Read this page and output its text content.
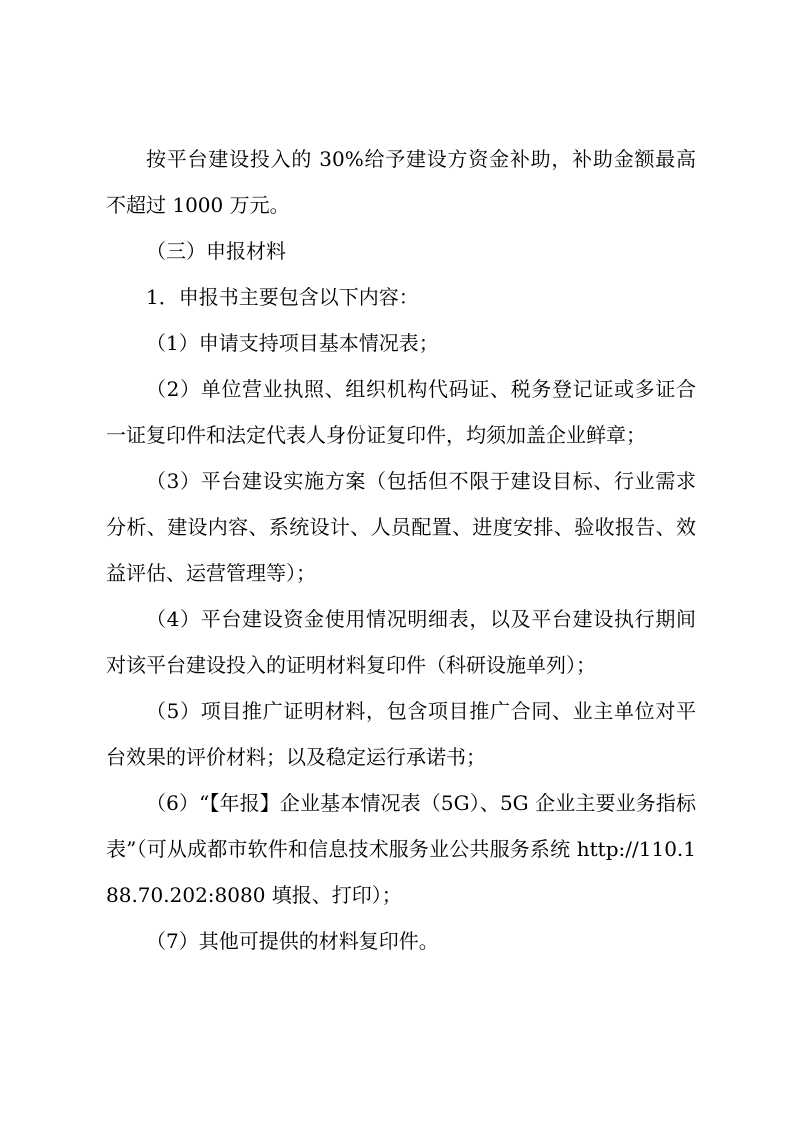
按平台建设投入的 30%给予建设方资金补助，补助金额最高不超过 1000 万元。

（三）申报材料

1．申报书主要包含以下内容：

（1）申请支持项目基本情况表；

（2）单位营业执照、组织机构代码证、税务登记证或多证合一证复印件和法定代表人身份证复印件，均须加盖企业鲜章；

（3）平台建设实施方案（包括但不限于建设目标、行业需求分析、建设内容、系统设计、人员配置、进度安排、验收报告、效益评估、运营管理等）；

（4）平台建设资金使用情况明细表，以及平台建设执行期间对该平台建设投入的证明材料复印件（科研设施单列）；

（5）项目推广证明材料，包含项目推广合同、业主单位对平台效果的评价材料；以及稳定运行承诺书；

（6）“【年报】企业基本情况表（5G）、5G 企业主要业务指标表”（可从成都市软件和信息技术服务业公共服务系统 http://110.188.70.202:8080 填报、打印）；

（7）其他可提供的材料复印件。
